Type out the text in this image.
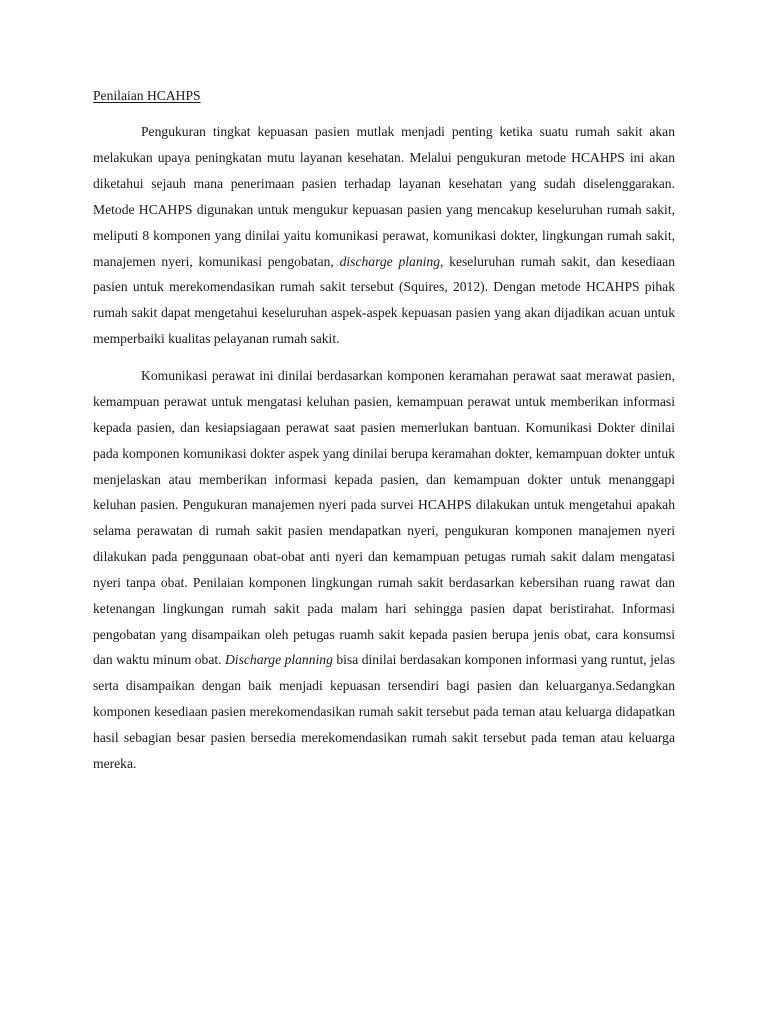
Penilaian HCAHPS

Pengukuran tingkat kepuasan pasien mutlak menjadi penting ketika suatu rumah sakit akan melakukan upaya peningkatan mutu layanan kesehatan. Melalui pengukuran metode HCAHPS ini akan diketahui sejauh mana penerimaan pasien terhadap layanan kesehatan yang sudah diselenggarakan. Metode HCAHPS digunakan untuk mengukur kepuasan pasien yang mencakup keseluruhan rumah sakit, meliputi 8 komponen yang dinilai yaitu komunikasi perawat, komunikasi dokter, lingkungan rumah sakit, manajemen nyeri, komunikasi pengobatan, discharge planing, keseluruhan rumah sakit, dan kesediaan pasien untuk merekomendasikan rumah sakit tersebut (Squires, 2012). Dengan metode HCAHPS pihak rumah sakit dapat mengetahui keseluruhan aspek-aspek kepuasan pasien yang akan dijadikan acuan untuk memperbaiki kualitas pelayanan rumah sakit.

Komunikasi perawat ini dinilai berdasarkan komponen keramahan perawat saat merawat pasien, kemampuan perawat untuk mengatasi keluhan pasien, kemampuan perawat untuk memberikan informasi kepada pasien, dan kesiapsiagaan perawat saat pasien memerlukan bantuan. Komunikasi Dokter dinilai pada komponen komunikasi dokter aspek yang dinilai berupa keramahan dokter, kemampuan dokter untuk menjelaskan atau memberikan informasi kepada pasien, dan kemampuan dokter untuk menanggapi keluhan pasien. Pengukuran manajemen nyeri pada survei HCAHPS dilakukan untuk mengetahui apakah selama perawatan di rumah sakit pasien mendapatkan nyeri, pengukuran komponen manajemen nyeri dilakukan pada penggunaan obat-obat anti nyeri dan kemampuan petugas rumah sakit dalam mengatasi nyeri tanpa obat. Penilaian komponen lingkungan rumah sakit berdasarkan kebersihan ruang rawat dan ketenangan lingkungan rumah sakit pada malam hari sehingga pasien dapat beristirahat. Informasi pengobatan yang disampaikan oleh petugas ruamh sakit kepada pasien berupa jenis obat, cara konsumsi dan waktu minum obat. Discharge planning bisa dinilai berdasakan komponen informasi yang runtut, jelas serta disampaikan dengan baik menjadi kepuasan tersendiri bagi pasien dan keluarganya.Sedangkan komponen kesediaan pasien merekomendasikan rumah sakit tersebut pada teman atau keluarga didapatkan hasil sebagian besar pasien bersedia merekomendasikan rumah sakit tersebut pada teman atau keluarga mereka.
